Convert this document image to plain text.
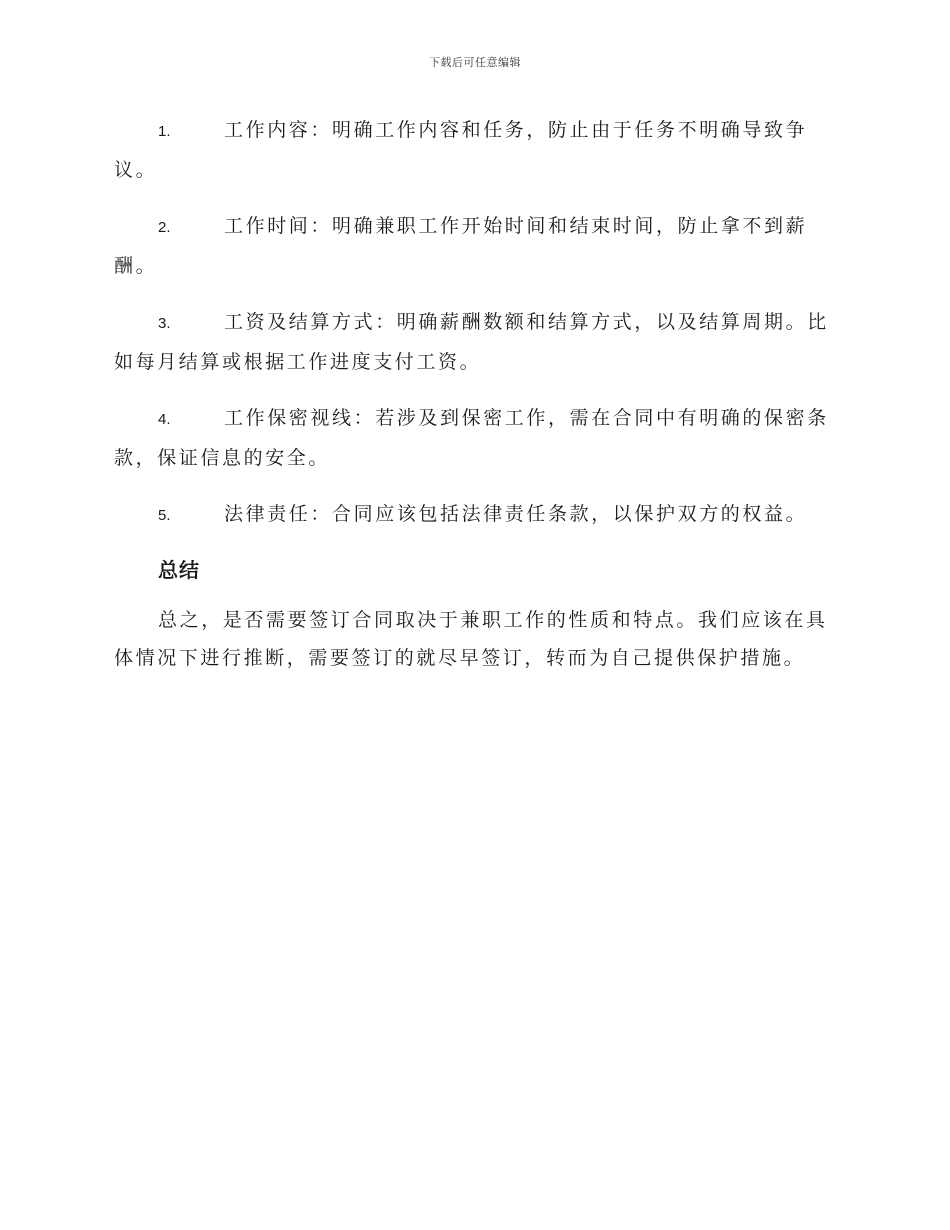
下载后可任意编辑

1.	工作内容：明确工作内容和任务，防止由于任务不明确导致争议。

2.	工作时间：明确兼职工作开始时间和结束时间，防止拿不到薪酬。

3.	工资及结算方式：明确薪酬数额和结算方式，以及结算周期。比如每月结算或根据工作进度支付工资。

4.	工作保密视线：若涉及到保密工作，需在合同中有明确的保密条款，保证信息的安全。

5.	法律责任：合同应该包括法律责任条款，以保护双方的权益。

总结

总之，是否需要签订合同取决于兼职工作的性质和特点。我们应该在具体情况下进行推断，需要签订的就尽早签订，转而为自己提供保护措施。
